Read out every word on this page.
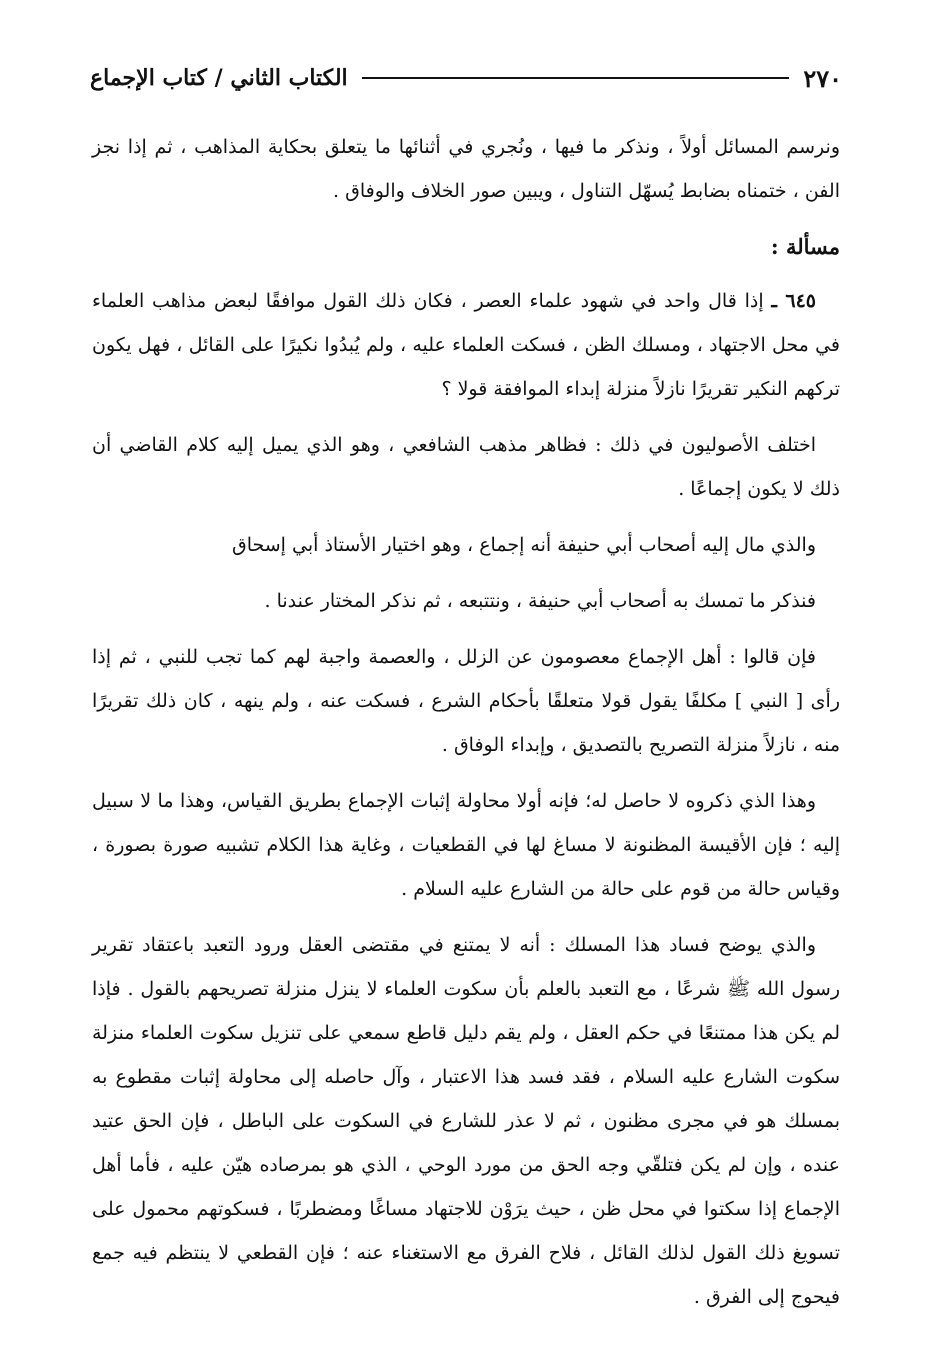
٢٧٠
الكتاب الثاني / كتاب الإجماع

ونرسم المسائل أولاً ، ونذكر ما فيها ، ونُجري في أثنائها ما يتعلق بحكاية المذاهب ، ثم إذا نجز الفن ، ختمناه بضابط يُسهّل التناول ، ويبين صور الخلاف والوفاق .

مسألة :

٦٤٥ ـ إذا قال واحد في شهود علماء العصر ، فكان ذلك القول موافقًا لبعض مذاهب العلماء في محل الاجتهاد ، ومسلك الظن ، فسكت العلماء عليه ، ولم يُبدُوا نكيرًا على القائل ، فهل يكون تركهم النكير تقريرًا نازلاً منزلة إبداء الموافقة قولا ؟

اختلف الأصوليون في ذلك : فظاهر مذهب الشافعي ، وهو الذي يميل إليه كلام القاضي أن ذلك لا يكون إجماعًا .

والذي مال إليه أصحاب أبي حنيفة أنه إجماع ، وهو اختيار الأستاذ أبي إسحاق

فنذكر ما تمسك به أصحاب أبي حنيفة ، ونتتبعه ، ثم نذكر المختار عندنا .

فإن قالوا : أهل الإجماع معصومون عن الزلل ، والعصمة واجبة لهم كما تجب للنبي ، ثم إذا رأى [ النبي ] مكلفًا يقول قولا متعلقًا بأحكام الشرع ، فسكت عنه ، ولم ينهه ، كان ذلك تقريرًا منه ، نازلاً منزلة التصريح بالتصديق ، وإبداء الوفاق .

وهذا الذي ذكروه لا حاصل له؛ فإنه أولا محاولة إثبات الإجماع بطريق القياس، وهذا ما لا سبيل إليه ؛ فإن الأقيسة المظنونة لا مساغ لها في القطعيات ، وغاية هذا الكلام تشبيه صورة بصورة ، وقياس حالة من قوم على حالة من الشارع عليه السلام .

والذي يوضح فساد هذا المسلك : أنه لا يمتنع في مقتضى العقل ورود التعبد باعتقاد تقرير رسول الله ﷺ شرعًا ، مع التعبد بالعلم بأن سكوت العلماء لا ينزل منزلة تصريحهم بالقول . فإذا لم يكن هذا ممتنعًا في حكم العقل ، ولم يقم دليل قاطع سمعي على تنزيل سكوت العلماء منزلة سكوت الشارع عليه السلام ، فقد فسد هذا الاعتبار ، وآل حاصله إلى محاولة إثبات مقطوع به بمسلك هو في مجرى مظنون ، ثم لا عذر للشارع في السكوت على الباطل ، فإن الحق عتيد عنده ، وإن لم يكن فتلقّي وجه الحق من مورد الوحي ، الذي هو بمرصاده هيّن عليه ، فأما أهل الإجماع إذا سكتوا في محل ظن ، حيث يرَوْن للاجتهاد مساغًا ومضطربًا ، فسكوتهم محمول على تسويغ ذلك القول لذلك القائل ، فلاح الفرق مع الاستغناء عنه ؛ فإن القطعي لا ينتظم فيه جمع فيحوج إلى الفرق .
